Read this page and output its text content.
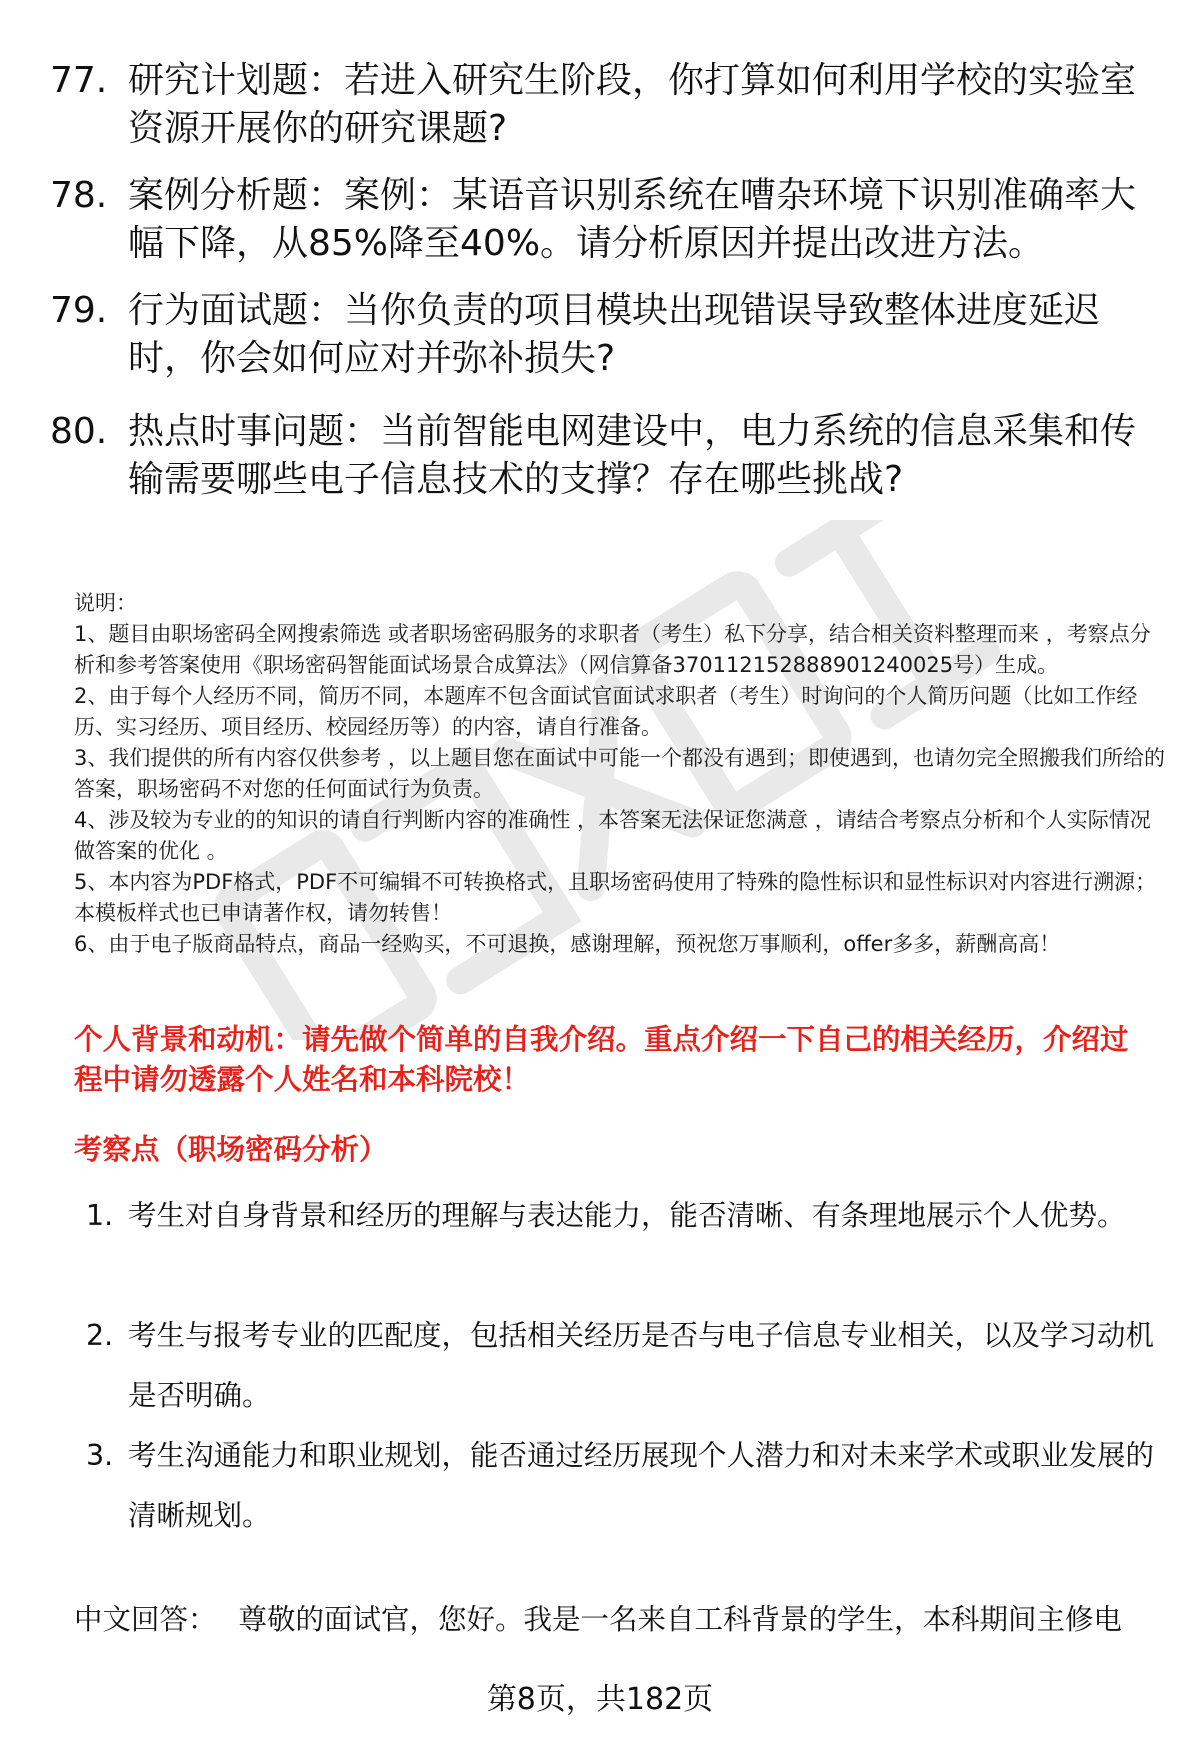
77. 研究计划题：若进入研究生阶段，你打算如何利用学校的实验室资源开展你的研究课题?
78. 案例分析题：案例：某语音识别系统在嘈杂环境下识别准确率大幅下降，从85%降至40%。请分析原因并提出改进方法。
79. 行为面试题：当你负责的项目模块出现错误导致整体进度延迟时，你会如何应对并弥补损失?
80. 热点时事问题：当前智能电网建设中，电力系统的信息采集和传输需要哪些电子信息技术的支撑？存在哪些挑战?

说明：

1、题目由职场密码全网搜索筛选 或者职场密码服务的求职者（考生）私下分享，结合相关资料整理而来 ，考察点分析和参考答案使用《职场密码智能面试场景合成算法》（网信算备370112152888901240025号）生成。

2、由于每个人经历不同，简历不同，本题库不包含面试官面试求职者（考生）时询问的个人简历问题（比如工作经历、实习经历、项目经历、校园经历等）的内容，请自行准备。

3、我们提供的所有内容仅供参考 ，以上题目您在面试中可能一个都没有遇到；即使遇到，也请勿完全照搬我们所给的答案，职场密码不对您的任何面试行为负责。

4、涉及较为专业的的知识的请自行判断内容的准确性 ，本答案无法保证您满意 ，请结合考察点分析和个人实际情况做答案的优化 。

5、本内容为PDF格式，PDF不可编辑不可转换格式，且职场密码使用了特殊的隐性标识和显性标识对内容进行溯源；本模板样式也已申请著作权，请勿转售！

6、由于电子版商品特点，商品一经购买，不可退换，感谢理解，预祝您万事顺利，offer多多，薪酬高高！

个人背景和动机：请先做个简单的自我介绍。重点介绍一下自己的相关经历，介绍过程中请勿透露个人姓名和本科院校！
考察点（职场密码分析）
1. 考生对自身背景和经历的理解与表达能力，能否清晰、有条理地展示个人优势。
2. 考生与报考专业的匹配度，包括相关经历是否与电子信息专业相关，以及学习动机是否明确。
3. 考生沟通能力和职业规划，能否通过经历展现个人潜力和对未来学术或职业发展的清晰规划。
中文回答： 尊敬的面试官，您好。我是一名来自工科背景的学生，本科期间主修电
第8页，共182页
